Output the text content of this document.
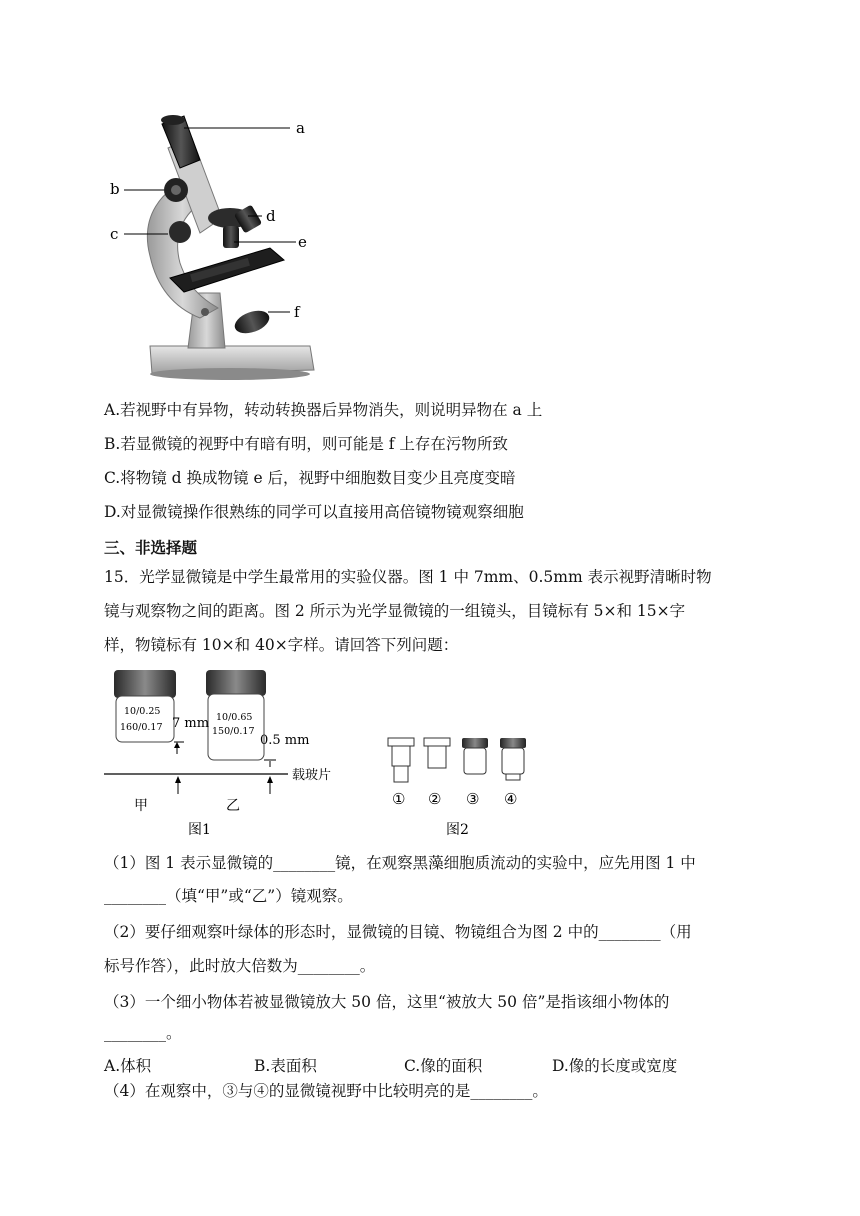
a
b
c
d
e
f
A.若视野中有异物，转动转换器后异物消失，则说明异物在 a 上
B.若显微镜的视野中有暗有明，则可能是 f 上存在污物所致
C.将物镜 d 换成物镜 e 后，视野中细胞数目变少且亮度变暗
D.对显微镜操作很熟练的同学可以直接用高倍镜物镜观察细胞
三、非选择题
15．光学显微镜是中学生最常用的实验仪器。图 1 中 7mm、0.5mm 表示视野清晰时物
镜与观察物之间的距离。图 2 所示为光学显微镜的一组镜头，目镜标有 5×和 15×字
样，物镜标有 10×和 40×字样。请回答下列问题：
10/0.25
160/0.17
10/0.65
150/0.17
7 mm
0.5 mm
载玻片
甲	乙
图1
① ② ③ ④
图2
（1）图 1 表示显微镜的________镜，在观察黑藻细胞质流动的实验中，应先用图 1 中
________（填“甲”或“乙”）镜观察。
（2）要仔细观察叶绿体的形态时，显微镜的目镜、物镜组合为图 2 中的________（用
标号作答），此时放大倍数为________。
（3）一个细小物体若被显微镜放大 50 倍，这里“被放大 50 倍”是指该细小物体的
________。
A.体积	B.表面积	C.像的面积	D.像的长度或宽度
（4）在观察中，③与④的显微镜视野中比较明亮的是________。
